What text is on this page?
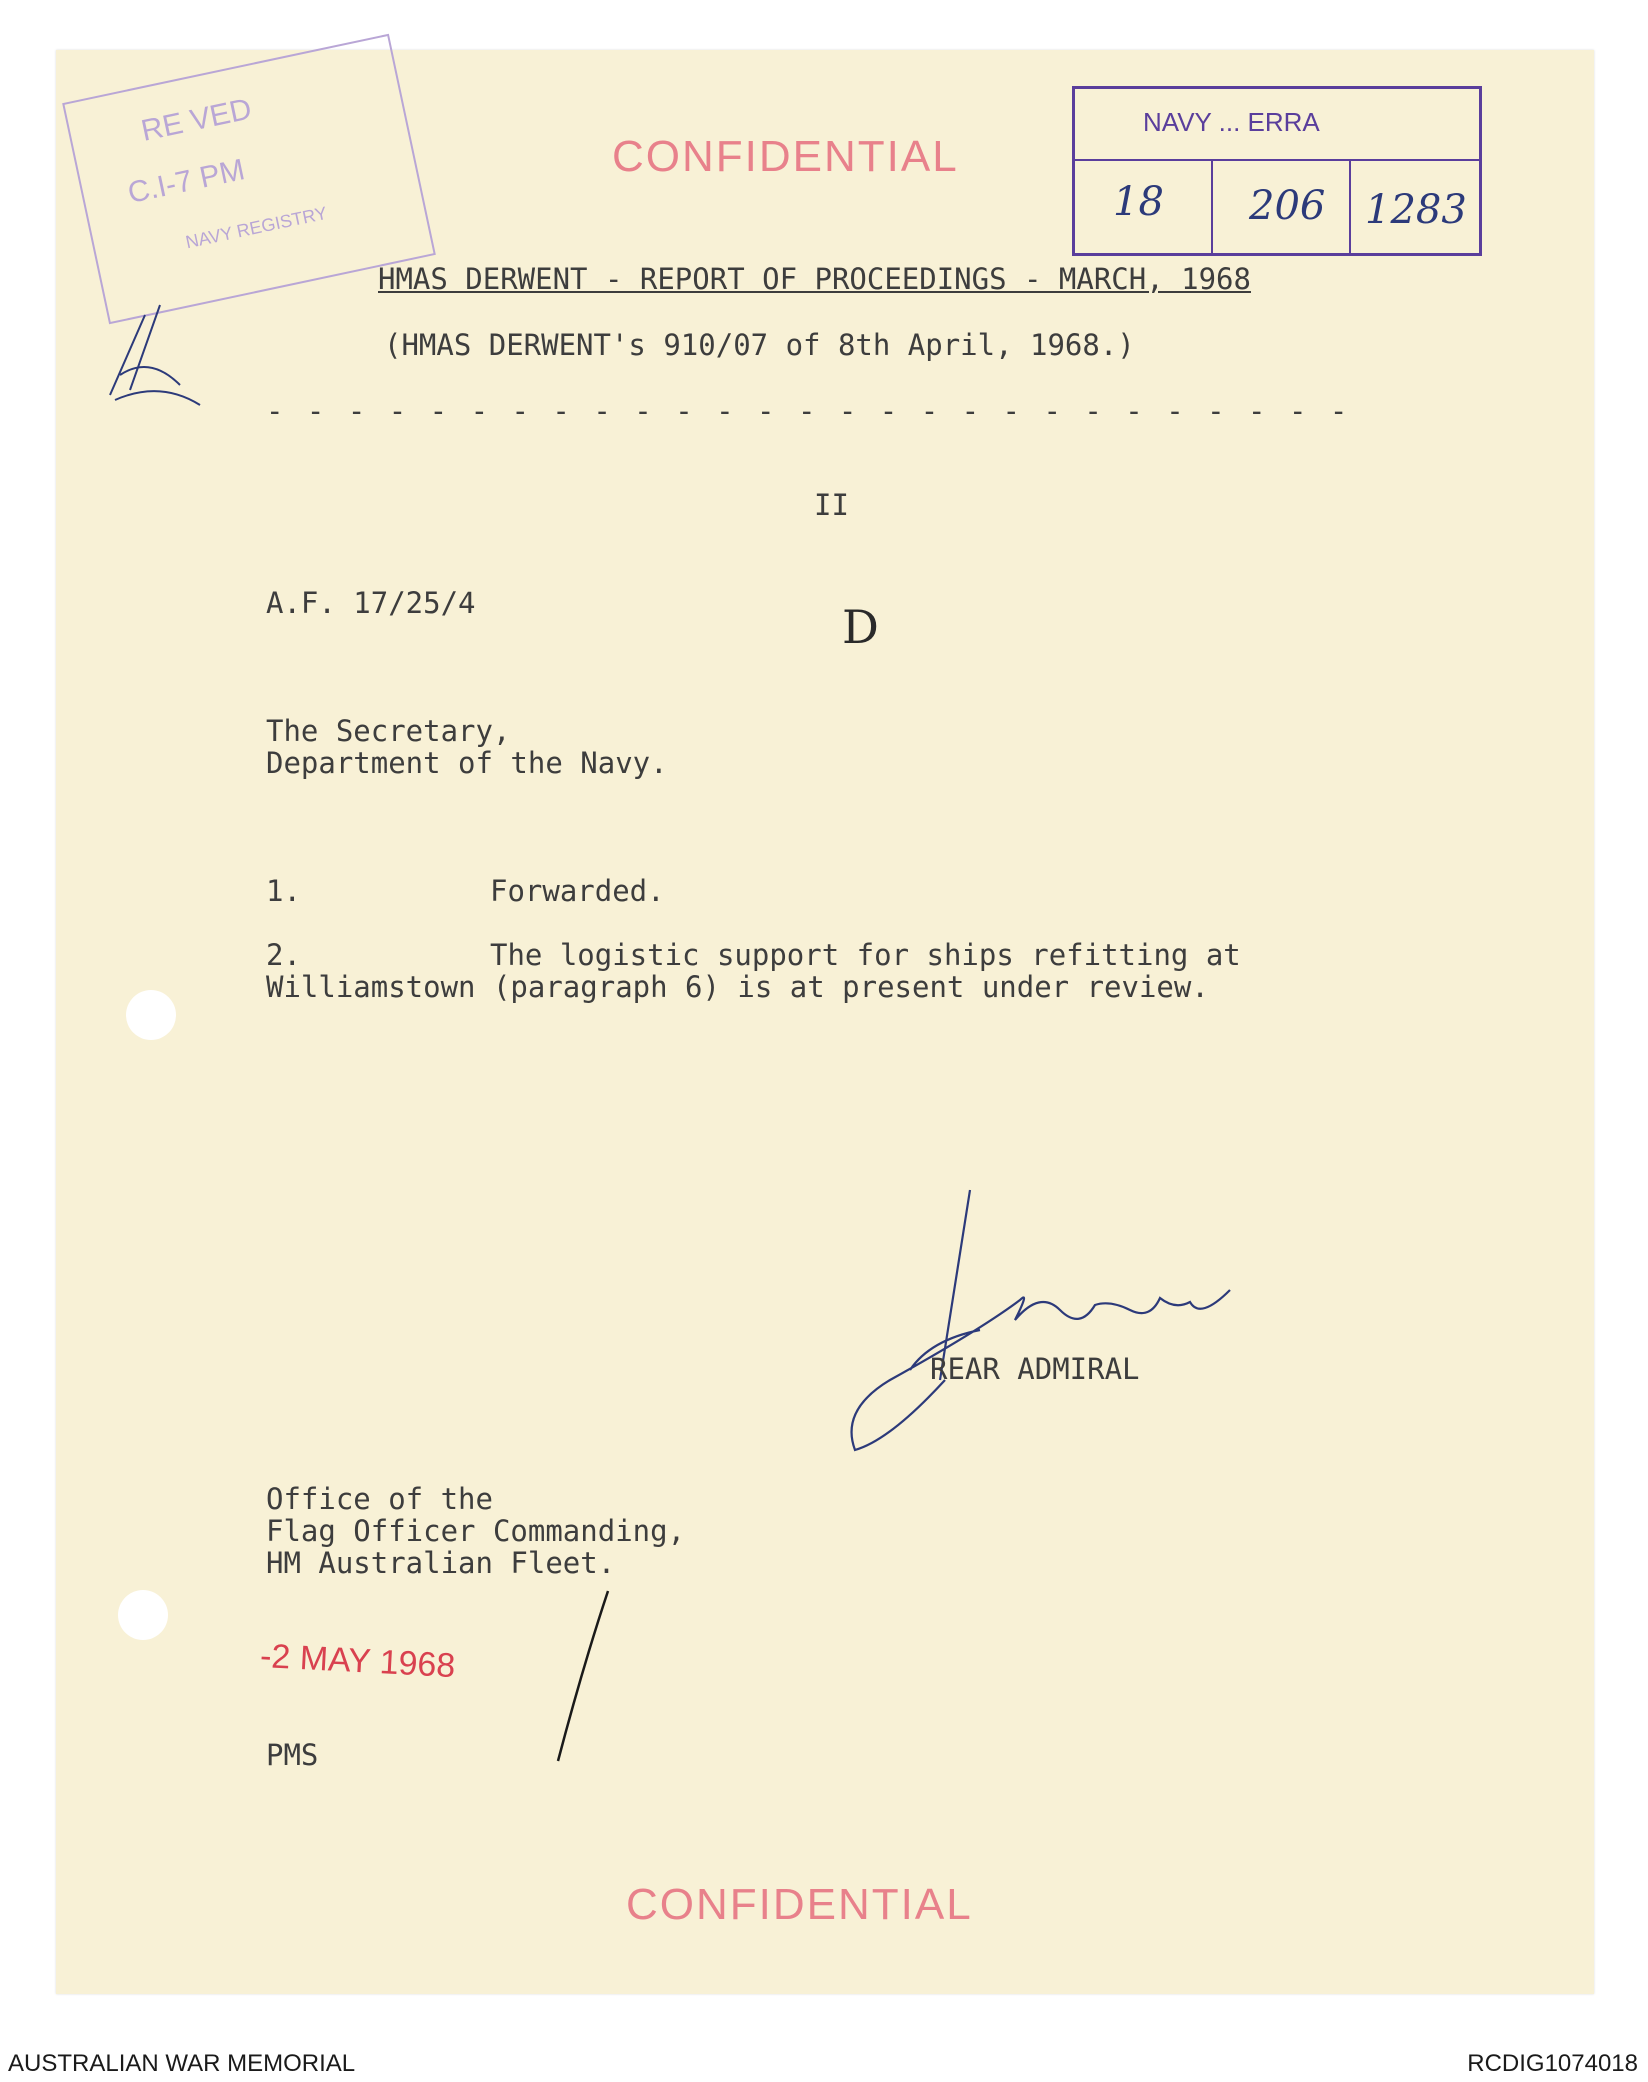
RE VED
C.I-7 PM
NAVY REGISTRY
CONFIDENTIAL
NAVY ... ERRA
18 206 1283
HMAS DERWENT - REPORT OF PROCEEDINGS - MARCH, 1968
(HMAS DERWENT's 910/07 of 8th April, 1968.)
- - - - - - - - - - - - - - - - - - - - - - - - - - -
II
A.F. 17/25/4	D
The Secretary,
Department of the Navy.
1.	Forwarded.
2.	The logistic support for ships refitting at
Williamstown (paragraph 6) is at present under review.
REAR ADMIRAL
Office of the
Flag Officer Commanding,
HM Australian Fleet.
-2 MAY 1968
PMS
CONFIDENTIAL
AUSTRALIAN WAR MEMORIAL	RCDIG1074018
